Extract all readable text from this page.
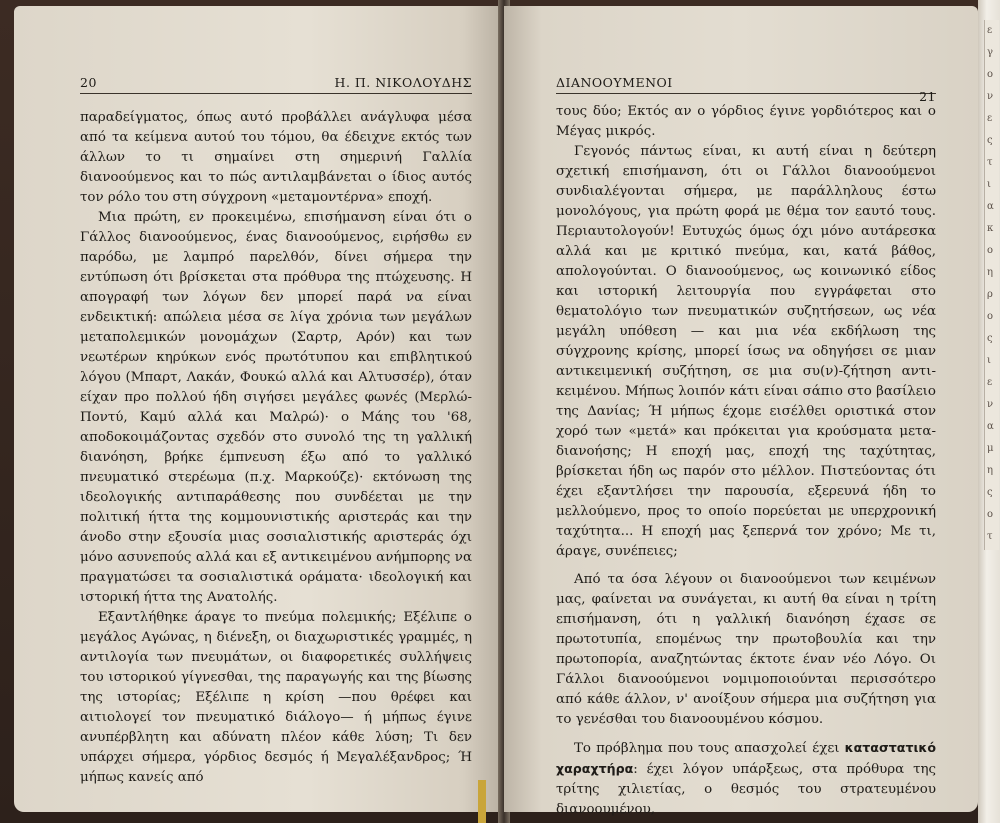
20	Η. Π. ΝΙΚΟΛΟΥΔΗΣ

παραδείγματος, όπως αυτό προβάλλει ανάγλυφα μέσα από τα κείμενα αυτού του τόμου, θα έδειχνε εκτός των άλλων το τι σημαίνει στη σημερινή Γαλλία διανοούμενος και το πώς αντιλαμβάνεται ο ίδιος αυτός τον ρόλο του στη σύγχρονη «μεταμοντέρνα» εποχή.

Μια πρώτη, εν προκειμένω, επισήμανση είναι ότι ο Γάλλος διανοούμενος, ένας διανοούμενος, ειρήσθω εν παρόδω, με λαμπρό παρελθόν, δίνει σήμερα την εντύπωση ότι βρίσκεται στα πρόθυρα της πτώχευσης. Η απογραφή των λόγων δεν μπορεί παρά να είναι ενδεικτική: απώλεια μέσα σε λίγα χρόνια των μεγάλων μεταπολεμικών μονομάχων (Σαρτρ, Αρόν) και των νεωτέρων κηρύκων ενός πρωτότυπου και επιβλητικού λόγου (Μπαρτ, Λακάν, Φουκώ αλλά και Αλτυσσέρ), όταν είχαν προ πολλού ήδη σιγήσει μεγάλες φωνές (Μερλώ-Ποντύ, Καμύ αλλά και Μαλρώ)· ο Μάης του '68, αποδοκοιμάζοντας σχεδόν στο συνολό της τη γαλλική διανόηση, βρήκε έμπνευση έξω από το γαλλικό πνευματικό στερέωμα (π.χ. Μαρκούζε)· εκτόνωση της ιδεολογικής αντιπαράθεσης που συνδέεται με την πολιτική ήττα της κομμουνιστικής αριστεράς και την άνοδο στην εξουσία μιας σοσιαλιστικής αριστεράς όχι μόνο ασυνεπούς αλλά και εξ αντικειμένου ανήμπορης να πραγματώσει τα σοσιαλιστικά οράματα· ιδεολογική και ιστορική ήττα της Ανατολής.

Εξαντλήθηκε άραγε το πνεύμα πολεμικής; Εξέλιπε ο μεγάλος Αγώνας, η διένεξη, οι διαχωριστικές γραμμές, η αντιλογία των πνευμάτων, οι διαφορετικές συλλήψεις του ιστορικού γίγνεσθαι, της παραγωγής και της βίωσης της ιστορίας; Εξέλιπε η κρίση —που θρέφει και αιτιολογεί τον πνευματικό διάλογο— ή μήπως έγινε ανυπέρβλητη και αδύνατη πλέον κάθε λύση; Τι δεν υπάρχει σήμερα, γόρδιος δεσμός ή Μεγαλέξανδρος; Ή μήπως κανείς από

ΔΙΑΝΟΟΥΜΕΝΟΙ
21

τους δύο; Εκτός αν ο γόρδιος έγινε γορδιότερος και ο Μέγας μικρός.

Γεγονός πάντως είναι, κι αυτή είναι η δεύτερη σχετική επισήμανση, ότι οι Γάλλοι διανοούμενοι συνδιαλέγονται σήμερα, με παράλληλους έστω μονολόγους, για πρώτη φορά με θέμα τον εαυτό τους. Περιαυτολογούν! Ευτυχώς όμως όχι μόνο αυτάρεσκα αλλά και με κριτικό πνεύμα, και, κατά βάθος, απολογούνται. Ο διανοούμενος, ως κοινωνικό είδος και ιστορική λειτουργία που εγγράφεται στο θεματολόγιο των πνευματικών συζητήσεων, ως νέα μεγάλη υπόθεση — και μια νέα εκδήλωση της σύγχρονης κρίσης, μπορεί ίσως να οδηγήσει σε μιαν αντικειμενική συζήτηση, σε μια συ(ν)-ζήτηση αντι-κειμένου. Μήπως λοιπόν κάτι είναι σάπιο στο βασίλειο της Δανίας; Ή μήπως έχομε εισέλθει οριστικά στον χορό των «μετά» και πρόκειται για κρούσματα μετα-διανοήσης; Η εποχή μας, εποχή της ταχύτητας, βρίσκεται ήδη ως παρόν στο μέλλον. Πιστεύοντας ότι έχει εξαντλήσει την παρουσία, εξερευνά ήδη το μελλούμενο, προς το οποίο πορεύεται με υπερχρονική ταχύτητα... Η εποχή μας ξεπερνά τον χρόνο; Με τι, άραγε, συνέπειες;

Από τα όσα λέγουν οι διανοούμενοι των κειμένων μας, φαίνεται να συνάγεται, κι αυτή θα είναι η τρίτη επισήμανση, ότι η γαλλική διανόηση έχασε σε πρωτοτυπία, επομένως την πρωτοβουλία και την πρωτοπορία, αναζητώντας έκτοτε έναν νέο Λόγο. Οι Γάλλοι διανοούμενοι νομιμοποιούνται περισσότερο από κάθε άλλον, ν' ανοίξουν σήμερα μια συζήτηση για το γενέσθαι του διανοουμένου κόσμου.

Το πρόβλημα που τους απασχολεί έχει καταστατικό χαραχτήρα: έχει λόγον υπάρξεως, στα πρόθυρα της τρίτης χιλιετίας, ο θεσμός του στρατευμένου διανοουμένου,

ε
γ
ο
ν
ε
ς
τ
ι
α
κ
ο
η
ρ
ο
ς
ι
ε
ν
α
μ
η
ς
ο
τ
